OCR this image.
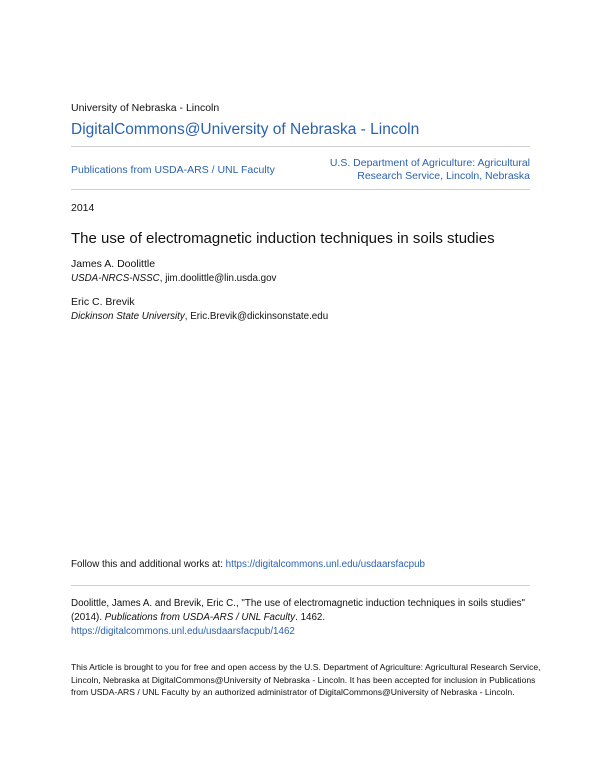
University of Nebraska - Lincoln
DigitalCommons@University of Nebraska - Lincoln
Publications from USDA-ARS / UNL Faculty
U.S. Department of Agriculture: Agricultural Research Service, Lincoln, Nebraska
2014
The use of electromagnetic induction techniques in soils studies
James A. Doolittle
USDA-NRCS-NSSC, jim.doolittle@lin.usda.gov
Eric C. Brevik
Dickinson State University, Eric.Brevik@dickinsonstate.edu
Follow this and additional works at: https://digitalcommons.unl.edu/usdaarsfacpub
Doolittle, James A. and Brevik, Eric C., "The use of electromagnetic induction techniques in soils studies" (2014). Publications from USDA-ARS / UNL Faculty. 1462.
https://digitalcommons.unl.edu/usdaarsfacpub/1462
This Article is brought to you for free and open access by the U.S. Department of Agriculture: Agricultural Research Service, Lincoln, Nebraska at DigitalCommons@University of Nebraska - Lincoln. It has been accepted for inclusion in Publications from USDA-ARS / UNL Faculty by an authorized administrator of DigitalCommons@University of Nebraska - Lincoln.
